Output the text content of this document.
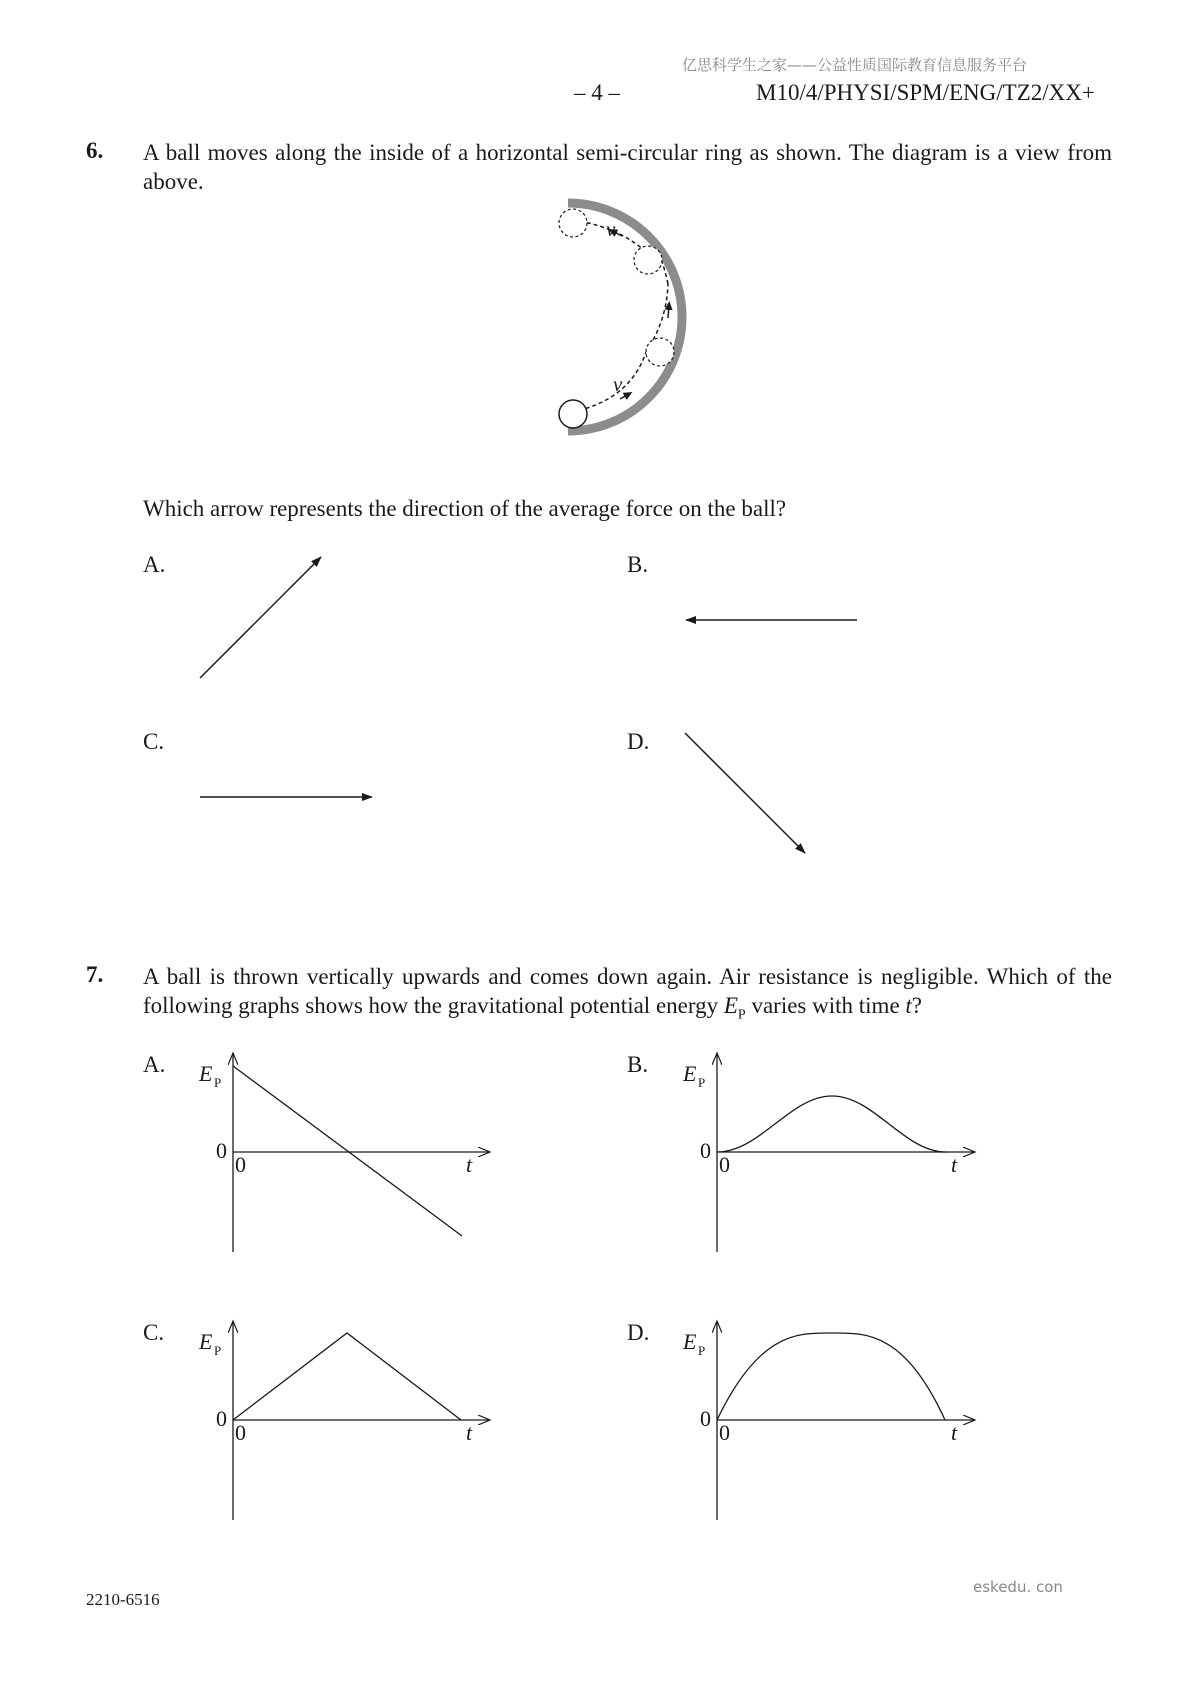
亿思科学生之家——公益性质国际教育信息服务平台
– 4 –	M10/4/PHYSI/SPM/ENG/TZ2/XX+
6. A ball moves along the inside of a horizontal semi-circular ring as shown. The diagram is a view from above.
v
v
Which arrow represents the direction of the average force on the ball?
A.	B.
C.	D.
7. A ball is thrown vertically upwards and comes down again. Air resistance is negligible. Which of the following graphs shows how the gravitational potential energy $E_P$ varies with time t?
A.	B.
C.	D.
E P
0
0	t
E P
0
0	t
E P
0
0	t
E P
0
0	t
eskedu. con
2210-6516
